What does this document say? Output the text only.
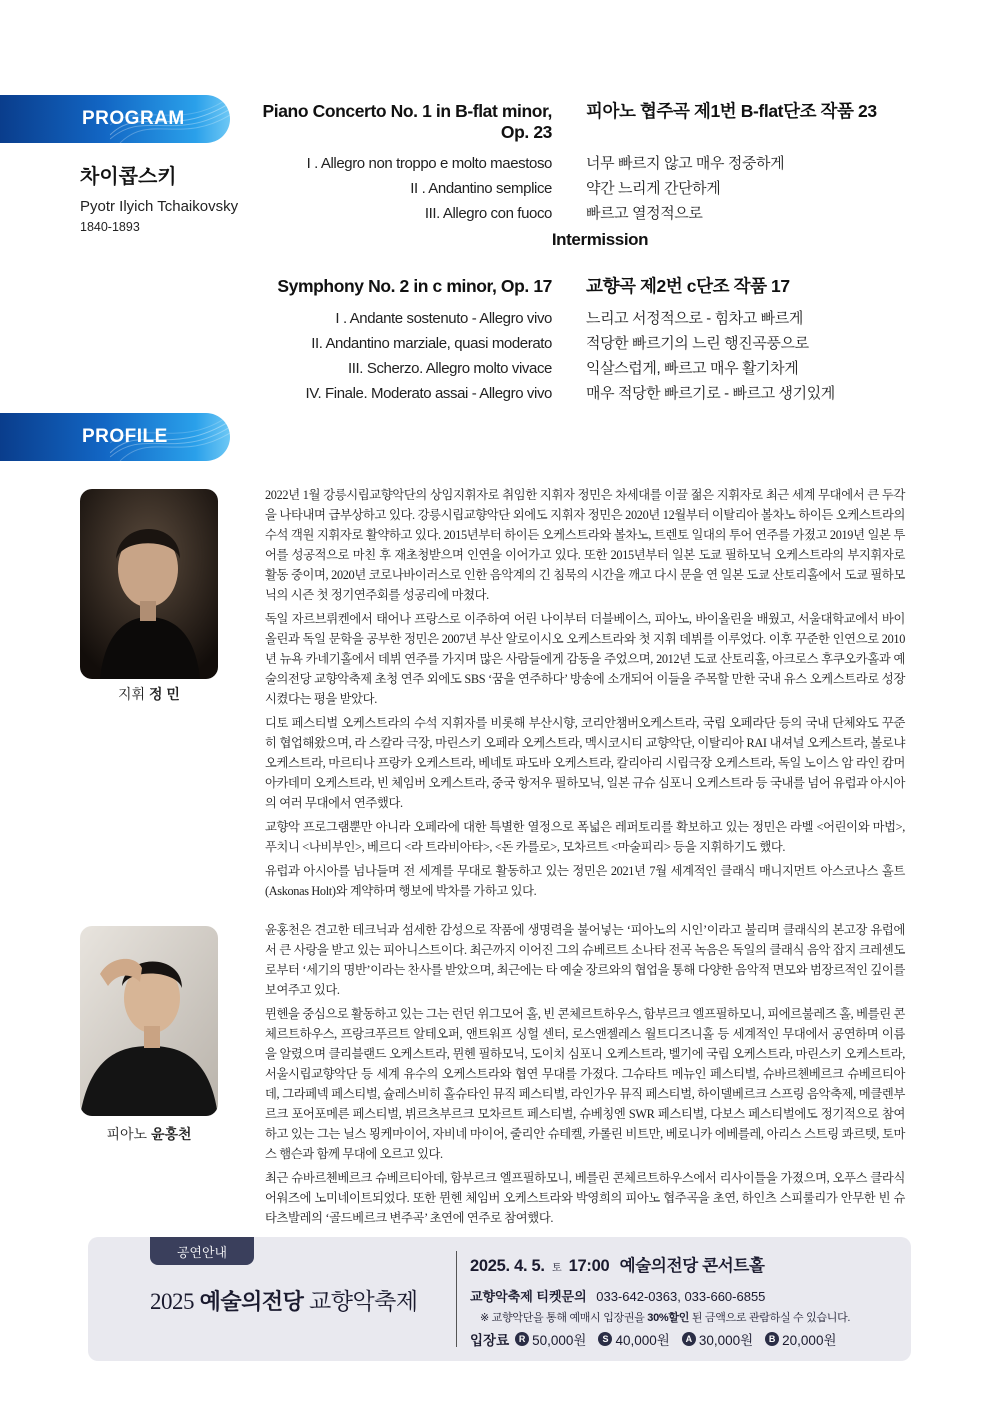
PROGRAM
차이콥스키
Pyotr Ilyich Tchaikovsky
1840-1893
Piano Concerto No. 1 in B-flat minor, Op. 23
피아노 협주곡 제1번 B-flat단조 작품 23
I . Allegro non troppo e molto maestoso	너무 빠르지 않고 매우 정중하게
II . Andantino semplice	약간 느리게 간단하게
III. Allegro con fuoco	빠르고 열정적으로
Intermission
Symphony No. 2 in c minor, Op. 17	교향곡 제2번 c단조 작품 17
I . Andante sostenuto - Allegro vivo	느리고 서정적으로 - 힘차고 빠르게
II. Andantino marziale, quasi moderato	적당한 빠르기의 느린 행진곡풍으로
III. Scherzo. Allegro molto vivace	익살스럽게, 빠르고 매우 활기차게
IV. Finale. Moderato assai - Allegro vivo	매우 적당한 빠르기로 - 빠르고 생기있게
PROFILE
지휘 정 민

2022년 1월 강릉시립교향악단의 상임지휘자로 취임한 지휘자 정민은 차세대를 이끌 젊은 지휘자로 최근 세계 무대에서 큰 두각을 나타내며 급부상하고 있다. 강릉시립교향악단 외에도 지휘자 정민은 2020년 12월부터 이탈리아 볼차노 하이든 오케스트라의 수석 객원 지휘자로 활약하고 있다. 2015년부터 하이든 오케스트라와 볼차노, 트렌토 일대의 투어 연주를 가졌고 2019년 일본 투어를 성공적으로 마친 후 재초청받으며 인연을 이어가고 있다. 또한 2015년부터 일본 도쿄 필하모닉 오케스트라의 부지휘자로 활동 중이며, 2020년 코로나바이러스로 인한 음악계의 긴 침묵의 시간을 깨고 다시 문을 연 일본 도쿄 산토리홀에서 도쿄 필하모닉의 시즌 첫 정기연주회를 성공리에 마쳤다.

독일 자르브뤼켄에서 태어나 프랑스로 이주하여 어린 나이부터 더블베이스, 피아노, 바이올린을 배웠고, 서울대학교에서 바이올린과 독일 문학을 공부한 정민은 2007년 부산 알로이시오 오케스트라와 첫 지휘 데뷔를 이루었다. 이후 꾸준한 인연으로 2010년 뉴욕 카네기홀에서 데뷔 연주를 가지며 많은 사람들에게 감동을 주었으며, 2012년 도쿄 산토리홀, 아크로스 후쿠오카홀과 예술의전당 교향악축제 초청 연주 외에도 SBS ‘꿈을 연주하다’ 방송에 소개되어 이들을 주목할 만한 국내 유스 오케스트라로 성장시켰다는 평을 받았다.

디토 페스티벌 오케스트라의 수석 지휘자를 비롯해 부산시향, 코리안챔버오케스트라, 국립 오페라단 등의 국내 단체와도 꾸준히 협업해왔으며, 라 스칼라 극장, 마린스키 오페라 오케스트라, 멕시코시티 교향악단, 이탈리아 RAI 내셔널 오케스트라, 볼로냐 오케스트라, 마르티나 프랑카 오케스트라, 베네토 파도바 오케스트라, 칼리아리 시립극장 오케스트라, 독일 노이스 암 라인 캄머 아카데미 오케스트라, 빈 체임버 오케스트라, 중국 항저우 필하모닉, 일본 규슈 심포니 오케스트라 등 국내를 넘어 유럽과 아시아의 여러 무대에서 연주했다.

교향악 프로그램뿐만 아니라 오페라에 대한 특별한 열정으로 폭넓은 레퍼토리를 확보하고 있는 정민은 라벨 <어린이와 마법>, 푸치니 <나비부인>, 베르디 <라 트라비아타>, <돈 카를로>, 모차르트 <마술피리> 등을 지휘하기도 했다.

유럽과 아시아를 넘나들며 전 세계를 무대로 활동하고 있는 정민은 2021년 7월 세계적인 클래식 매니지먼트 아스코나스 홀트(Askonas Holt)와 계약하며 행보에 박차를 가하고 있다.

피아노 윤홍천

윤홍천은 견고한 테크닉과 섬세한 감성으로 작품에 생명력을 불어넣는 ‘피아노의 시인’이라고 불리며 클래식의 본고장 유럽에서 큰 사랑을 받고 있는 피아니스트이다. 최근까지 이어진 그의 슈베르트 소나타 전곡 녹음은 독일의 클래식 음악 잡지 크레센도로부터 ‘세기의 명반’이라는 찬사를 받았으며, 최근에는 타 예술 장르와의 협업을 통해 다양한 음악적 면모와 범장르적인 깊이를 보여주고 있다.

뮌헨을 중심으로 활동하고 있는 그는 런던 위그모어 홀, 빈 콘체르트하우스, 함부르크 엘프필하모니, 피에르불레즈 홀, 베를린 콘체르트하우스, 프랑크푸르트 알테오퍼, 앤트워프 싱헐 센터, 로스앤젤레스 월트디즈니홀 등 세계적인 무대에서 공연하며 이름을 알렸으며 클리블랜드 오케스트라, 뮌헨 필하모닉, 도이치 심포니 오케스트라, 벨기에 국립 오케스트라, 마린스키 오케스트라, 서울시립교향악단 등 세계 유수의 오케스트라와 협연 무대를 가졌다. 그슈타트 메뉴인 페스티벌, 슈바르첸베르크 슈베르티아데, 그라페넥 페스티벌, 슐레스비히 홀슈타인 뮤직 페스티벌, 라인가우 뮤직 페스티벌, 하이델베르크 스프링 음악축제, 메클렌부르크 포어포메른 페스티벌, 뷔르츠부르크 모차르트 페스티벌, 슈베칭엔 SWR 페스티벌, 다보스 페스티벌에도 정기적으로 참여하고 있는 그는 닐스 묑케마이어, 자비네 마이어, 줄리안 슈테켈, 카롤린 비트만, 베로니카 에베를레, 아리스 스트링 콰르텟, 토마스 햄슨과 함께 무대에 오르고 있다.

최근 슈바르첸베르크 슈베르티아데, 함부르크 엘프필하모니, 베를린 콘체르트하우스에서 리사이틀을 가졌으며, 오푸스 클라식 어워즈에 노미네이트되었다. 또한 뮌헨 체임버 오케스트라와 박영희의 피아노 협주곡을 초연, 하인츠 스피룰리가 안무한 빈 슈타츠발레의 ‘골드베르크 변주곡’ 초연에 연주로 참여했다.

공연안내
2025 예술의전당 교향악축제
2025. 4. 5. 토 17:00 예술의전당 콘서트홀
교향악축제 티켓문의 033-642-0363, 033-660-6855
※ 교향악단을 통해 예매시 입장권을 30%할인 된 금액으로 관람하실 수 있습니다.
입장료	R 50,000원	S 40,000원	A 30,000원	B 20,000원
